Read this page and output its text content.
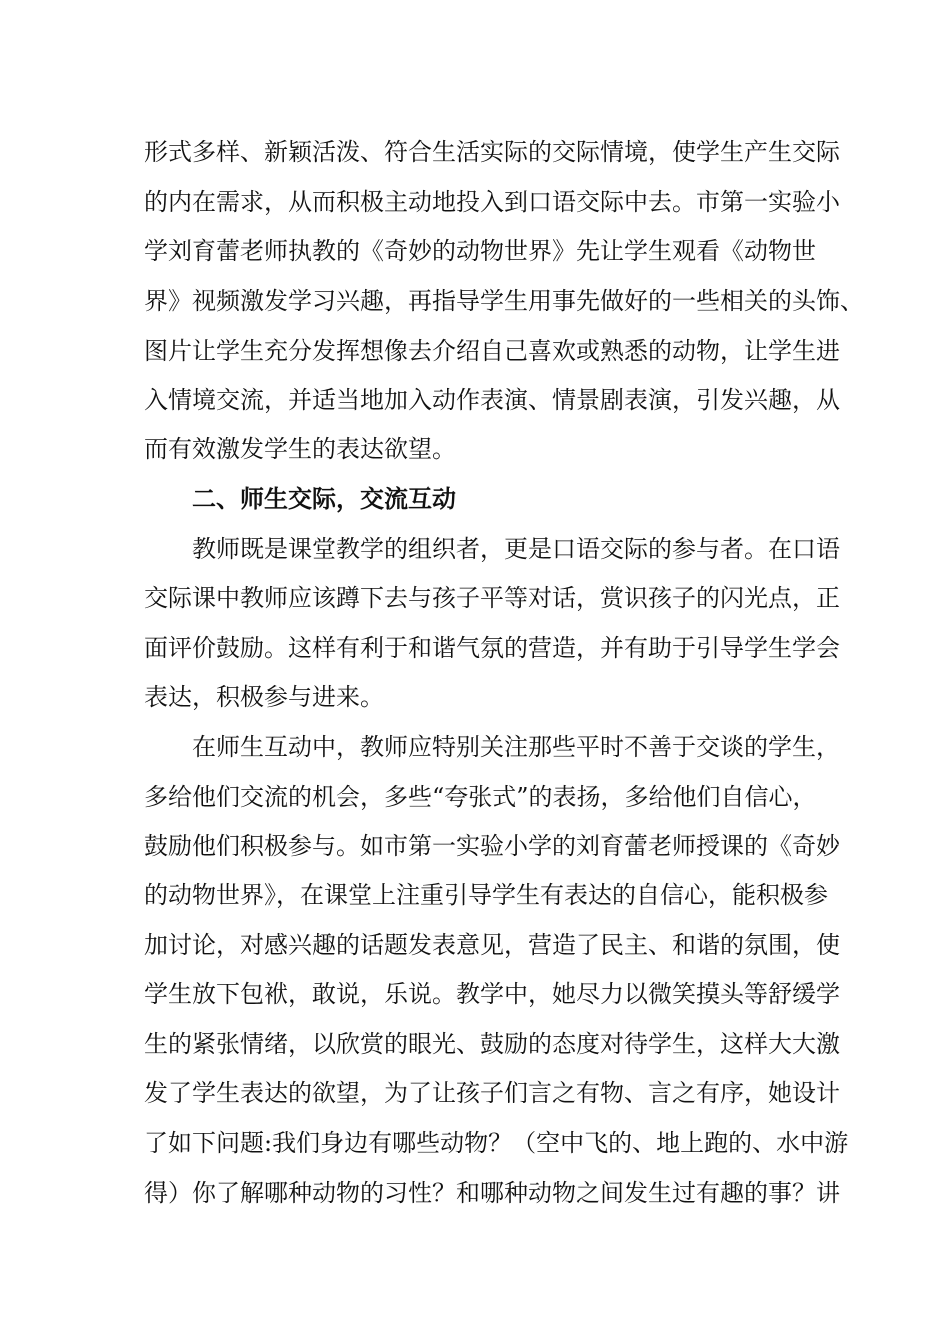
形式多样、新颖活泼、符合生活实际的交际情境，使学生产生交际

的内在需求，从而积极主动地投入到口语交际中去。市第一实验小

学刘育蕾老师执教的《奇妙的动物世界》先让学生观看《动物世

界》视频激发学习兴趣，再指导学生用事先做好的一些相关的头饰、

图片让学生充分发挥想像去介绍自己喜欢或熟悉的动物，让学生进

入情境交流，并适当地加入动作表演、情景剧表演，引发兴趣，从

而有效激发学生的表达欲望。

二、师生交际，交流互动

教师既是课堂教学的组织者，更是口语交际的参与者。在口语

交际课中教师应该蹲下去与孩子平等对话，赏识孩子的闪光点，正

面评价鼓励。这样有利于和谐气氛的营造，并有助于引导学生学会

表达，积极参与进来。

在师生互动中，教师应特别关注那些平时不善于交谈的学生，

多给他们交流的机会，多些“夸张式”的表扬，多给他们自信心，

鼓励他们积极参与。如市第一实验小学的刘育蕾老师授课的《奇妙

的动物世界》，在课堂上注重引导学生有表达的自信心，能积极参

加讨论，对感兴趣的话题发表意见，营造了民主、和谐的氛围，使

学生放下包袱，敢说，乐说。教学中，她尽力以微笑摸头等舒缓学

生的紧张情绪，以欣赏的眼光、鼓励的态度对待学生，这样大大激

发了学生表达的欲望，为了让孩子们言之有物、言之有序，她设计

了如下问题:我们身边有哪些动物？（空中飞的、地上跑的、水中游

得）你了解哪种动物的习性？和哪种动物之间发生过有趣的事？讲
